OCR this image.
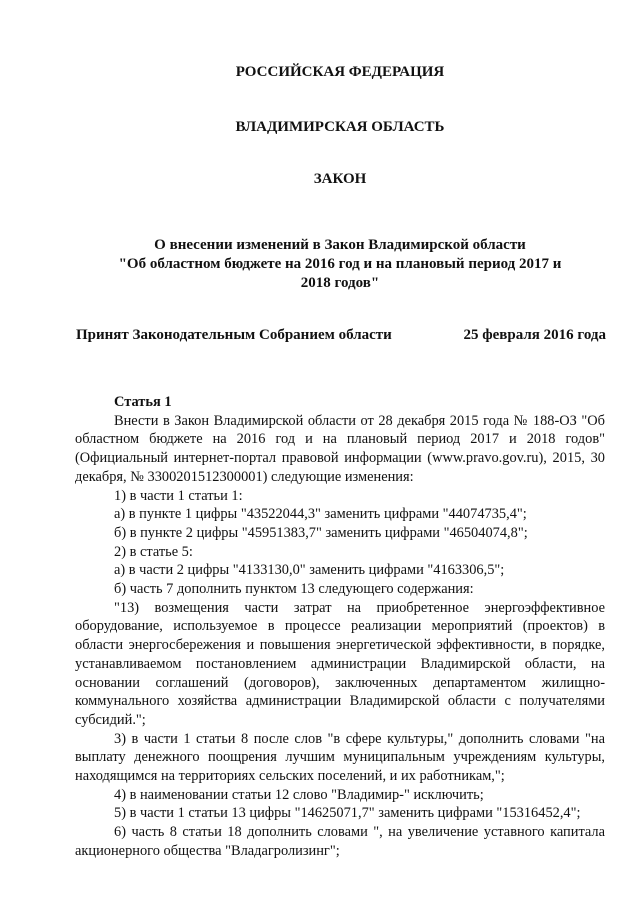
РОССИЙСКАЯ ФЕДЕРАЦИЯ
ВЛАДИМИРСКАЯ ОБЛАСТЬ
ЗАКОН
О внесении изменений в Закон Владимирской области
"Об областном бюджете на 2016 год и на плановый период 2017 и
2018 годов"
Принят Законодательным Собранием области	25 февраля 2016 года
Статья 1

Внести в Закон Владимирской области от 28 декабря 2015 года № 188-ОЗ "Об областном бюджете на 2016 год и на плановый период 2017 и 2018 годов" (Официальный интернет-портал правовой информации (www.pravo.gov.ru), 2015, 30 декабря, № 3300201512300001) следующие изменения:

1) в части 1 статьи 1:

а) в пункте 1 цифры "43522044,3" заменить цифрами "44074735,4";

б) в пункте 2 цифры "45951383,7" заменить цифрами "46504074,8";

2) в статье 5:

а) в части 2 цифры "4133130,0" заменить цифрами "4163306,5";

б) часть 7 дополнить пунктом 13 следующего содержания:

"13) возмещения части затрат на приобретенное энергоэффективное оборудование, используемое в процессе реализации мероприятий (проектов) в области энергосбережения и повышения энергетической эффективности, в порядке, устанавливаемом постановлением администрации Владимирской области, на основании соглашений (договоров), заключенных департаментом жилищно-коммунального хозяйства администрации Владимирской области с получателями субсидий.";

3) в части 1 статьи 8 после слов "в сфере культуры," дополнить словами "на выплату денежного поощрения лучшим муниципальным учреждениям культуры, находящимся на территориях сельских поселений, и их работникам,";

4) в наименовании статьи 12 слово "Владимир-" исключить;

5) в части 1 статьи 13 цифры "14625071,7" заменить цифрами "15316452,4";

6) часть 8 статьи 18 дополнить словами ", на увеличение уставного капитала акционерного общества "Владагролизинг";
